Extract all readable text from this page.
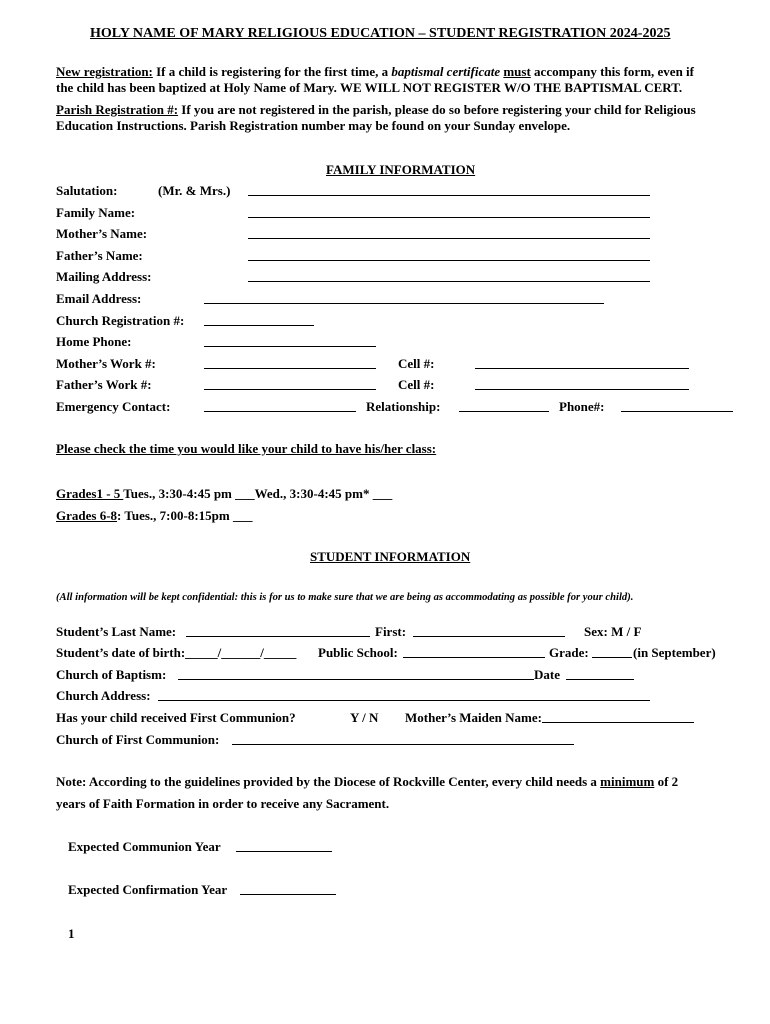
HOLY NAME OF MARY RELIGIOUS EDUCATION – STUDENT REGISTRATION 2024-2025
New registration: If a child is registering for the first time, a baptismal certificate must accompany this form, even if
the child has been baptized at Holy Name of Mary. WE WILL NOT REGISTER W/O THE BAPTISMAL CERT.
Parish Registration #: If you are not registered in the parish, please do so before registering your child for Religious
Education Instructions. Parish Registration number may be found on your Sunday envelope.
FAMILY INFORMATION
Salutation:	(Mr. & Mrs.)
Family Name:
Mother’s Name:
Father’s Name:
Mailing Address:
Email Address:
Church Registration #:
Home Phone:
Mother’s Work #:	Cell #:
Father’s Work #:	Cell #:
Emergency Contact:	Relationship:	Phone#:
Please check the time you would like your child to have his/her class:
Grades1 - 5 Tues., 3:30-4:45 pm ___Wed., 3:30-4:45 pm* ___
Grades 6-8: Tues., 7:00-8:15pm ___
STUDENT INFORMATION
(All information will be kept confidential: this is for us to make sure that we are being as accommodating as possible for your child).
Student’s Last Name:	First:	Sex: M / F
Student’s date of birth:_____/______/_____ Public School:	Grade:	(in September)
Church of Baptism:	Date
Church Address:
Has your child received First Communion?	Y / N Mother’s Maiden Name:
Church of First Communion:
Note: According to the guidelines provided by the Diocese of Rockville Center, every child needs a minimum of 2
years of Faith Formation in order to receive any Sacrament.
Expected Communion Year
Expected Confirmation Year
1
